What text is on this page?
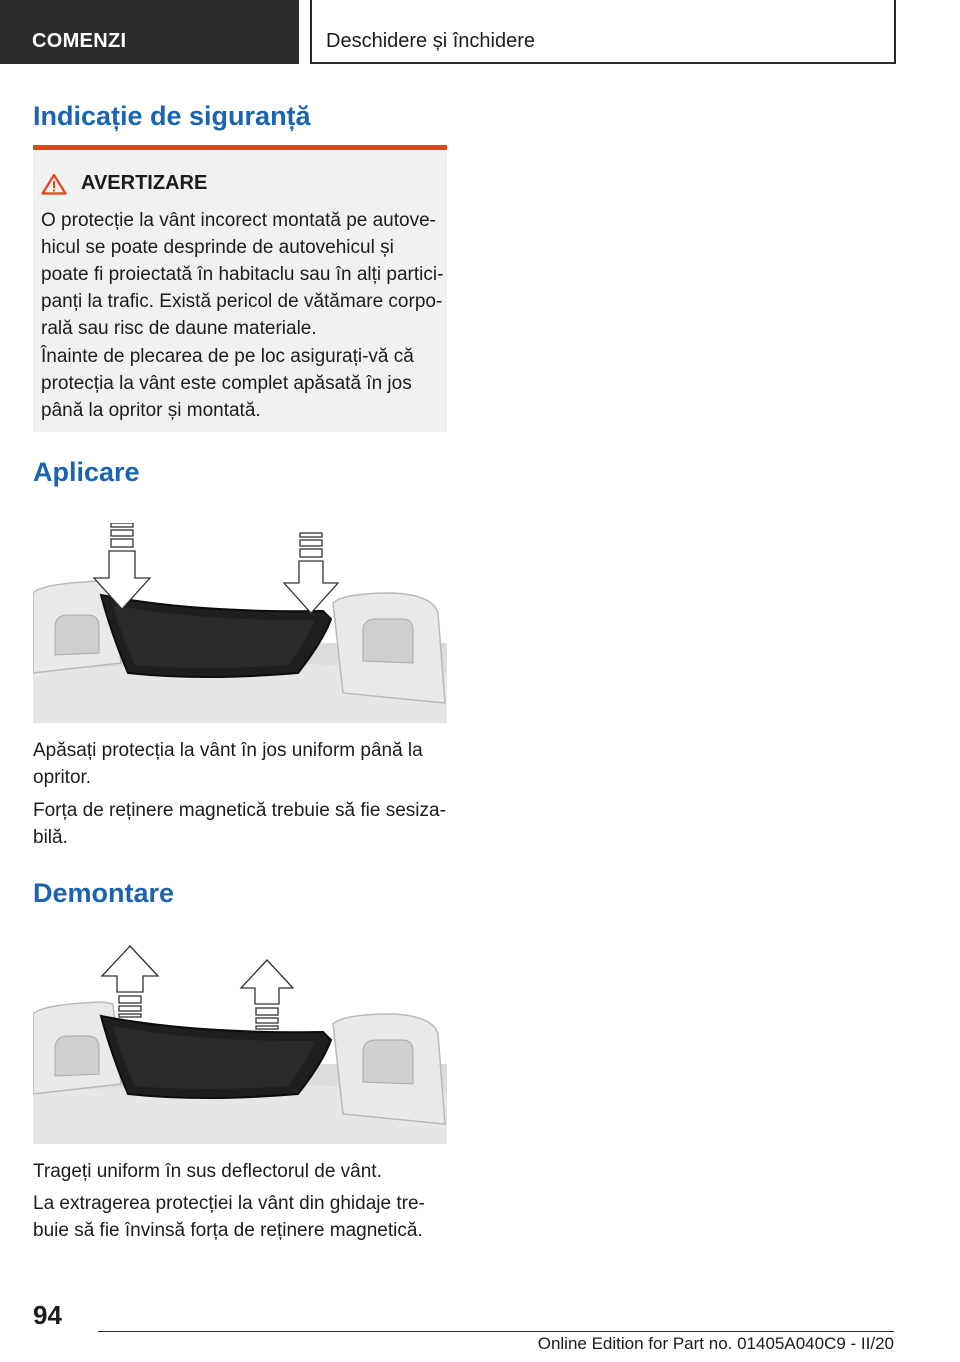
COMENZI	Deschidere și închidere
Indicație de siguranță
AVERTIZARE
O protecție la vânt incorect montată pe autove-
hicul se poate desprinde de autovehicul și
poate fi proiectată în habitaclu sau în alți partici-
panți la trafic. Există pericol de vătămare corpo-
rală sau risc de daune materiale.
Înainte de plecarea de pe loc asigurați-vă că
protecția la vânt este complet apăsată în jos
până la opritor și montată.
Aplicare
Apăsați protecția la vânt în jos uniform până la
opritor.
Forța de reținere magnetică trebuie să fie sesiza-
bilă.
Demontare
Trageți uniform în sus deflectorul de vânt.
La extragerea protecției la vânt din ghidaje tre-
buie să fie învinsă forța de reținere magnetică.
94
Online Edition for Part no. 01405A040C9 - II/20
